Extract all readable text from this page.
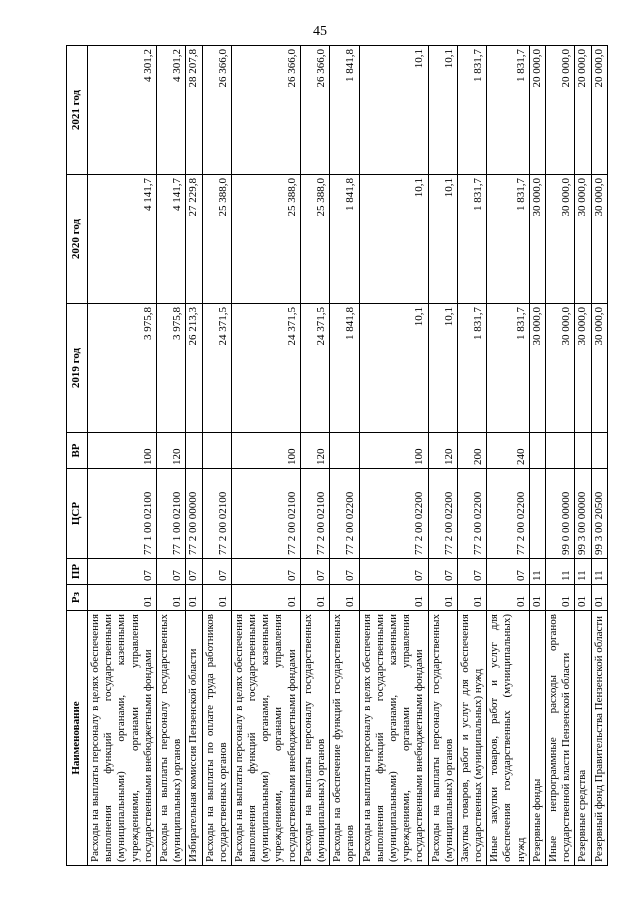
45
Наименование	Рз	ПР	ЦСР	ВР	2019 год	2020 год	2021 год
Расходы на выплаты персоналу в целях обеспечения выполнения функций государственными (муниципальными) органами, казенными учреждениями, органами управления государственными внебюджетными фондами	01	07	77 1 00 02100	100	3 975,8	4 141,7	4 301,2
Расходы на выплаты персоналу государственных (муниципальных) органов	01	07	77 1 00 02100	120	3 975,8	4 141,7	4 301,2
Избирательная комиссия Пензенской области	01	07	77 2 00 00000		26 213,3	27 229,8	28 207,8
Расходы на выплаты по оплате труда работников государственных органов	01	07	77 2 00 02100		24 371,5	25 388,0	26 366,0
Расходы на выплаты персоналу в целях обеспечения выполнения функций государственными (муниципальными) органами, казенными учреждениями, органами управления государственными внебюджетными фондами	01	07	77 2 00 02100	100	24 371,5	25 388,0	26 366,0
Расходы на выплаты персоналу государственных (муниципальных) органов	01	07	77 2 00 02100	120	24 371,5	25 388,0	26 366,0
Расходы на обеспечение функций государственных органов	01	07	77 2 00 02200		1 841,8	1 841,8	1 841,8
Расходы на выплаты персоналу в целях обеспечения выполнения функций государственными (муниципальными) органами, казенными учреждениями, органами управления государственными внебюджетными фондами	01	07	77 2 00 02200	100	10,1	10,1	10,1
Расходы на выплаты персоналу государственных (муниципальных) органов	01	07	77 2 00 02200	120	10,1	10,1	10,1
Закупка товаров, работ и услуг для обеспечения государственных (муниципальных) нужд	01	07	77 2 00 02200	200	1 831,7	1 831,7	1 831,7
Иные закупки товаров, работ и услуг для обеспечения государственных (муниципальных) нужд	01	07	77 2 00 02200	240	1 831,7	1 831,7	1 831,7
Резервные фонды	01	11			30 000,0	30 000,0	20 000,0
Иные непрограммные расходы органов государственной власти Пензенской области	01	11	99 0 00 00000		30 000,0	30 000,0	20 000,0
Резервные средства	01	11	99 3 00 00000		30 000,0	30 000,0	20 000,0
Резервный фонд Правительства Пензенской области	01	11	99 3 00 20500		30 000,0	30 000,0	20 000,0
